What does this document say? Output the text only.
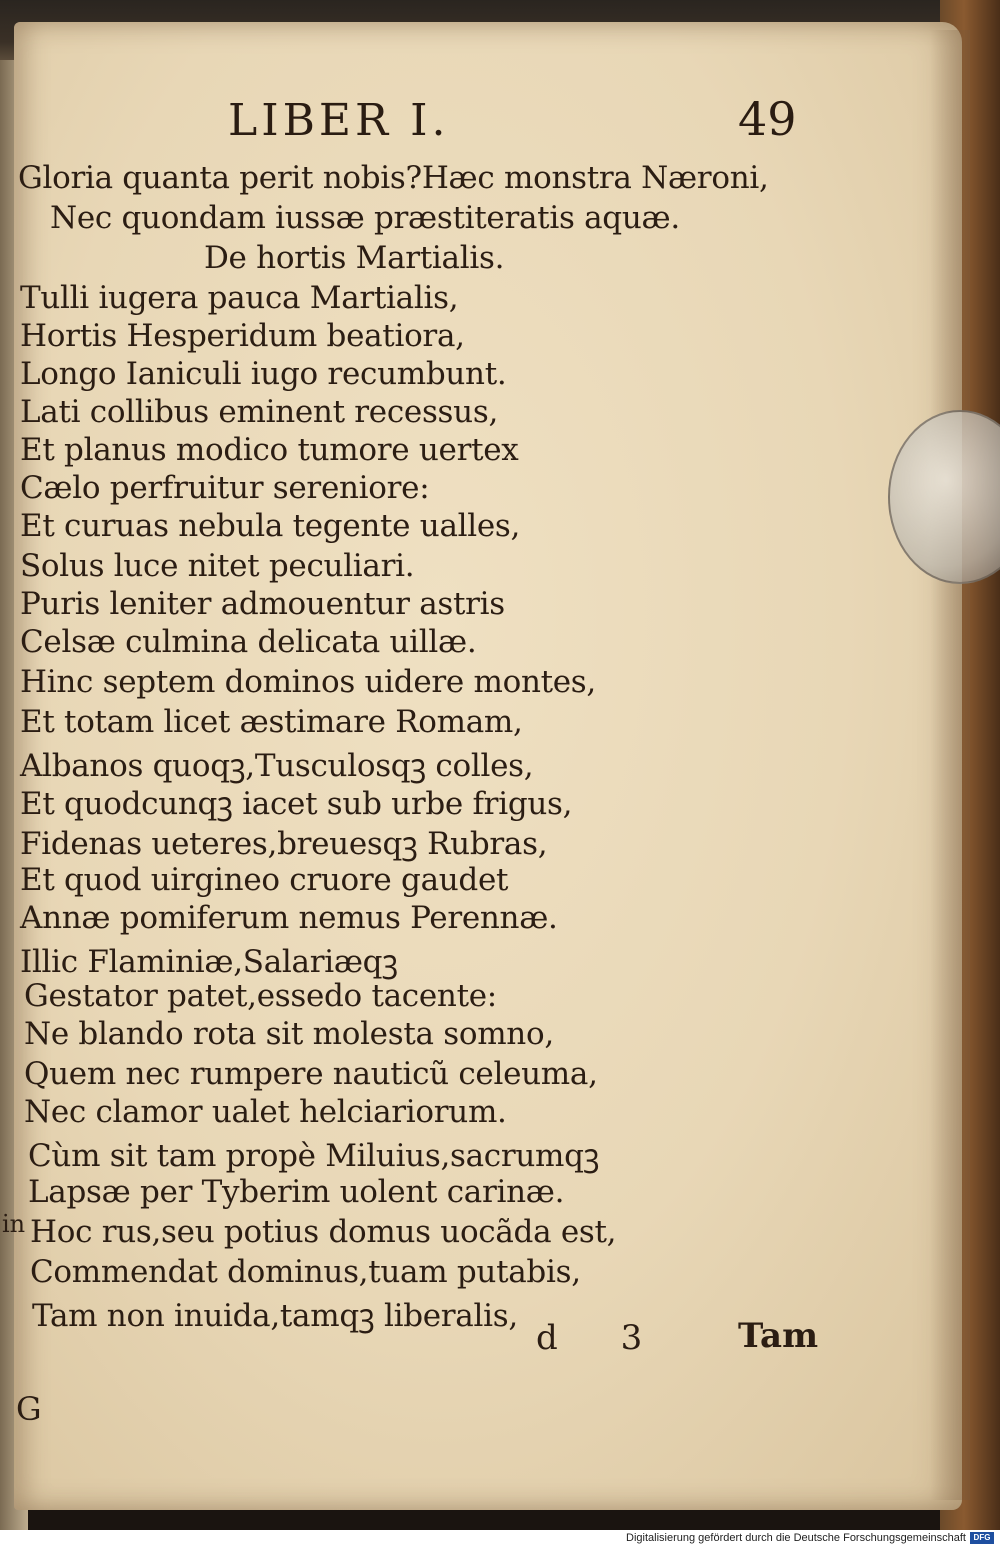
LIBER I.	49
Gloria quanta perit nobis?Hæc monstra Næroni,
Nec quondam iussæ præstiteratis aquæ.
De hortis Martialis.
Tulli iugera pauca Martialis,
Hortis Hesperidum beatiora,
Longo Ianiculi iugo recumbunt.
Lati collibus eminent recessus,
Et planus modico tumore uertex
Cælo perfruitur sereniore:
Et curuas nebula tegente ualles,
Solus luce nitet peculiari.
Puris leniter admouentur astris
Celsæ culmina delicata uillæ.
Hinc septem dominos uidere montes,
Et totam licet æstimare Romam,
Albanos quoqꝫ,Tusculosqꝫ colles,
Et quodcunqꝫ iacet sub urbe frigus,
Fidenas ueteres,breuesqꝫ Rubras,
Et quod uirgineo cruore gaudet
Annæ pomiferum nemus Perennæ.
Illic Flaminiæ,Salariæqꝫ
Gestator patet,essedo tacente:
Ne blando rota sit molesta somno,
Quem nec rumpere nauticũ celeuma,
Nec clamor ualet helciariorum.
Cùm sit tam propè Miluius,sacrumqꝫ
Lapsæ per Tyberim uolent carinæ.
Hoc rus,seu potius domus uocãda est,
Commendat dominus,tuam putabis,
Tam non inuida,tamqꝫ liberalis,
in
G
d 3 Tam
Digitalisierung gefördert durch die Deutsche Forschungsgemeinschaft DFG
